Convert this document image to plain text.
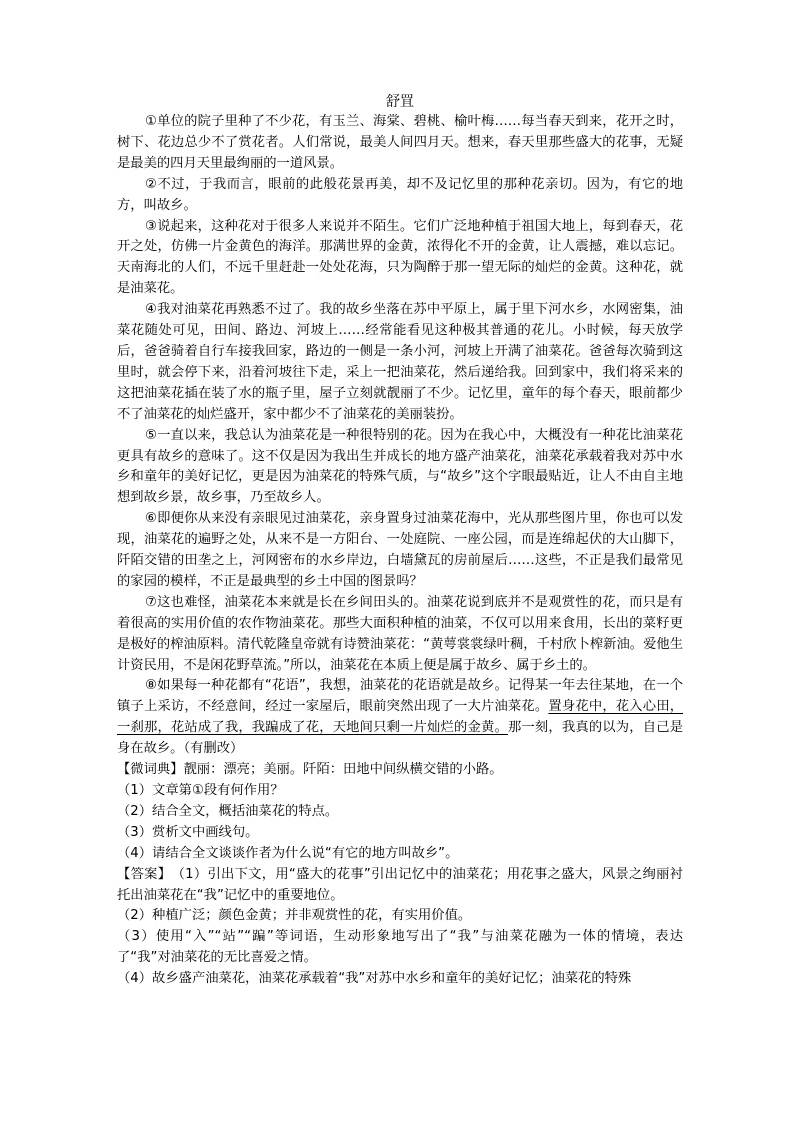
舒罝

①单位的院子里种了不少花，有玉兰、海棠、碧桃、榆叶梅……每当春天到来，花开之时，树下、花边总少不了赏花者。人们常说，最美人间四月天。想来，春天里那些盛大的花事，无疑是最美的四月天里最绚丽的一道风景。

②不过，于我而言，眼前的此般花景再美，却不及记忆里的那种花亲切。因为，有它的地方，叫故乡。

③说起来，这种花对于很多人来说并不陌生。它们广泛地种植于祖国大地上，每到春天，花开之处，仿佛一片金黄色的海洋。那满世界的金黄，浓得化不开的金黄，让人震撼，难以忘记。天南海北的人们，不远千里赶赴一处处花海，只为陶醉于那一望无际的灿烂的金黄。这种花，就是油菜花。

④我对油菜花再熟悉不过了。我的故乡坐落在苏中平原上，属于里下河水乡，水网密集，油菜花随处可见，田间、路边、河坡上……经常能看见这种极其普通的花儿。小时候，每天放学后，爸爸骑着自行车接我回家，路边的一侧是一条小河，河坡上开满了油菜花。爸爸每次骑到这里时，就会停下来，沿着河坡往下走，采上一把油菜花，然后递给我。回到家中，我们将采来的这把油菜花插在装了水的瓶子里，屋子立刻就靓丽了不少。记忆里，童年的每个春天，眼前都少不了油菜花的灿烂盛开，家中都少不了油菜花的美丽装扮。

⑤一直以来，我总认为油菜花是一种很特别的花。因为在我心中，大概没有一种花比油菜花更具有故乡的意味了。这不仅是因为我出生并成长的地方盛产油菜花，油菜花承载着我对苏中水乡和童年的美好记忆，更是因为油菜花的特殊气质，与“故乡”这个字眼最贴近，让人不由自主地想到故乡景，故乡事，乃至故乡人。

⑥即便你从来没有亲眼见过油菜花，亲身置身过油菜花海中，光从那些图片里，你也可以发现，油菜花的遍野之处，从来不是一方阳台、一处庭院、一座公园，而是连绵起伏的大山脚下，阡陌交错的田垄之上，河网密布的水乡岸边，白墙黛瓦的房前屋后……这些，不正是我们最常见的家园的模样，不正是最典型的乡土中国的图景吗？

⑦这也难怪，油菜花本来就是长在乡间田头的。油菜花说到底并不是观赏性的花，而只是有着很高的实用价值的农作物油菜花。那些大面积种植的油菜，不仅可以用来食用，长出的菜籽更是极好的榨油原料。清代乾隆皇帝就有诗赞油菜花：“黄萼裳裳绿叶稠，千村欣卜榨新油。爱他生计资民用，不是闲花野草流。”所以，油菜花在本质上便是属于故乡、属于乡土的。

⑧如果每一种花都有“花语”，我想，油菜花的花语就是故乡。记得某一年去往某地，在一个镇子上采访，不经意间，经过一家屋后，眼前突然出现了一大片油菜花。置身花中，花入心田，一刹那，花站成了我，我蹁成了花，天地间只剩一片灿烂的金黄。那一刻，我真的以为，自己是身在故乡。（有删改）

【微词典】靓丽：漂亮；美丽。阡陌：田地中间纵横交错的小路。

（1）文章第①段有何作用？

（2）结合全文，概括油菜花的特点。

（3）赏析文中画线句。

（4）请结合全文谈谈作者为什么说“有它的地方叫故乡”。

【答案】　（1）引出下文，用“盛大的花事”引出记忆中的油菜花；用花事之盛大，风景之绚丽衬托出油菜花在“我”记忆中的重要地位。

（2）种植广泛；颜色金黄；并非观赏性的花，有实用价值。

（3）使用“入”“站”“蹁”等词语，生动形象地写出了“我”与油菜花融为一体的情境，表达了“我”对油菜花的无比喜爱之情。

（4）故乡盛产油菜花，油菜花承载着“我”对苏中水乡和童年的美好记忆；油菜花的特殊
